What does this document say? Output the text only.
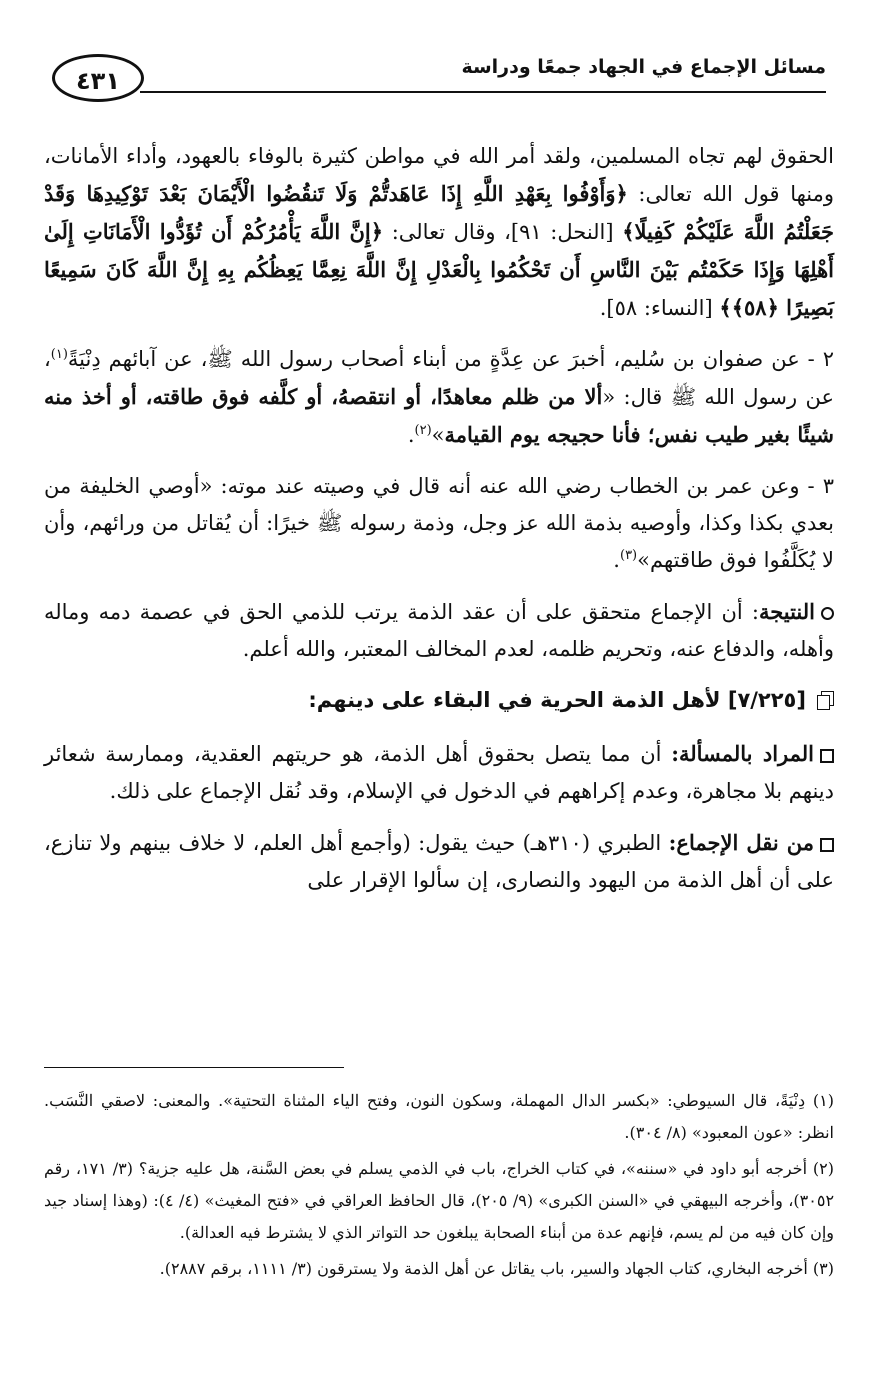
مسائل الإجماع في الجهاد جمعًا ودراسة
٤٣١

الحقوق لهم تجاه المسلمين، ولقد أمر الله في مواطن كثيرة بالوفاء بالعهود، وأداء الأمانات، ومنها قول الله تعالى: ﴿وَأَوْفُوا بِعَهْدِ اللَّهِ إِذَا عَاهَدتُّمْ وَلَا تَنقُضُوا الْأَيْمَانَ بَعْدَ تَوْكِيدِهَا وَقَدْ جَعَلْتُمُ اللَّهَ عَلَيْكُمْ كَفِيلًا﴾ [النحل: ٩١]، وقال تعالى: ﴿إِنَّ اللَّهَ يَأْمُرُكُمْ أَن تُؤَدُّوا الْأَمَانَاتِ إِلَىٰ أَهْلِهَا وَإِذَا حَكَمْتُم بَيْنَ النَّاسِ أَن تَحْكُمُوا بِالْعَدْلِ إِنَّ اللَّهَ نِعِمَّا يَعِظُكُم بِهِ إِنَّ اللَّهَ كَانَ سَمِيعًا بَصِيرًا ﴿٥٨﴾﴾ [النساء: ٥٨].

٢ - عن صفوان بن سُليم، أخبرَ عن عِدَّةٍ من أبناء أصحاب رسول الله ﷺ، عن آبائهم دِنْيَةً$^{(١)}$، عن رسول الله ﷺ قال: «ألا من ظلم معاهدًا، أو انتقصهُ، أو كلَّفه فوق طاقته، أو أخذ منه شيئًا بغير طيب نفس؛ فأنا حجيجه يوم القيامة»$^{(٢)}$.

٣ - وعن عمر بن الخطاب رضي الله عنه أنه قال في وصيته عند موته: «أوصي الخليفة من بعدي بكذا وكذا، وأوصيه بذمة الله عز وجل، وذمة رسوله ﷺ خيرًا: أن يُقاتل من ورائهم، وأن لا يُكَلَّفُوا فوق طاقتهم»$^{(٣)}$.

النتيجة: أن الإجماع متحقق على أن عقد الذمة يرتب للذمي الحق في عصمة دمه وماله وأهله، والدفاع عنه، وتحريم ظلمه، لعدم المخالف المعتبر، والله أعلم.

[٧/٢٢٥] لأهل الذمة الحرية في البقاء على دينهم:

المراد بالمسألة: أن مما يتصل بحقوق أهل الذمة، هو حريتهم العقدية، وممارسة شعائر دينهم بلا مجاهرة، وعدم إكراههم في الدخول في الإسلام، وقد نُقل الإجماع على ذلك.

من نقل الإجماع: الطبري (٣١٠هـ) حيث يقول: (وأجمع أهل العلم، لا خلاف بينهم ولا تنازع، على أن أهل الذمة من اليهود والنصارى، إن سألوا الإقرار على

(١) دِنْيَةً، قال السيوطي: «بكسر الدال المهملة، وسكون النون، وفتح الياء المثناة التحتية». والمعنى: لاصقي النَّسَب. انظر: «عون المعبود» (٨/ ٣٠٤).

(٢) أخرجه أبو داود في «سننه»، في كتاب الخراج، باب في الذمي يسلم في بعض السَّنة، هل عليه جزية؟ (٣/ ١٧١، رقم ٣٠٥٢)، وأخرجه البيهقي في «السنن الكبرى» (٩/ ٢٠٥)، قال الحافظ العراقي في «فتح المغيث» (٤/ ٤): (وهذا إسناد جيد وإن كان فيه من لم يسم، فإنهم عدة من أبناء الصحابة يبلغون حد التواتر الذي لا يشترط فيه العدالة).

(٣) أخرجه البخاري، كتاب الجهاد والسير، باب يقاتل عن أهل الذمة ولا يسترقون (٣/ ١١١١، برقم ٢٨٨٧).
